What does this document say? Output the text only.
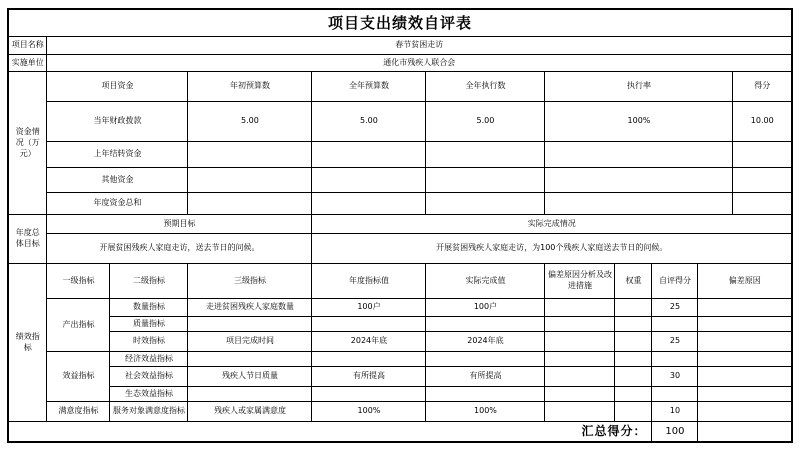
项目支出绩效自评表										
项目名称	春节贫困走访									
实施单位	通化市残疾人联合会									
资金情况（万元）	项目资金		年初预算数	全年预算数	全年执行数	执行率				得分
	当年财政拨款		5.00	5.00	5.00	100%				10.00
	上年结转资金									
	其他资金									
	年度资金总和									
年度总体目标	预期目标			实际完成情况						
	开展贫困残疾人家庭走访，送去节日的问候。			开展贫困残疾人家庭走访，为100个残疾人家庭送去节日的问候。						
绩效指标	一级指标	二级指标	三级指标	年度指标值	实际完成值	偏差原因分析及改进措施	权重	自评得分	偏差原因	
	产出指标	数量指标	走进贫困残疾人家庭数量	100户	100户			25		
		质量指标								
		时效指标	项目完成时间	2024年底	2024年底			25		
	效益指标	经济效益指标								
		社会效益指标	残疾人节日质量	有所提高	有所提高			30		
		生态效益指标								
	满意度指标	服务对象满意度指标	残疾人或家属满意度	100%	100%			10		
汇总得分：								100		
